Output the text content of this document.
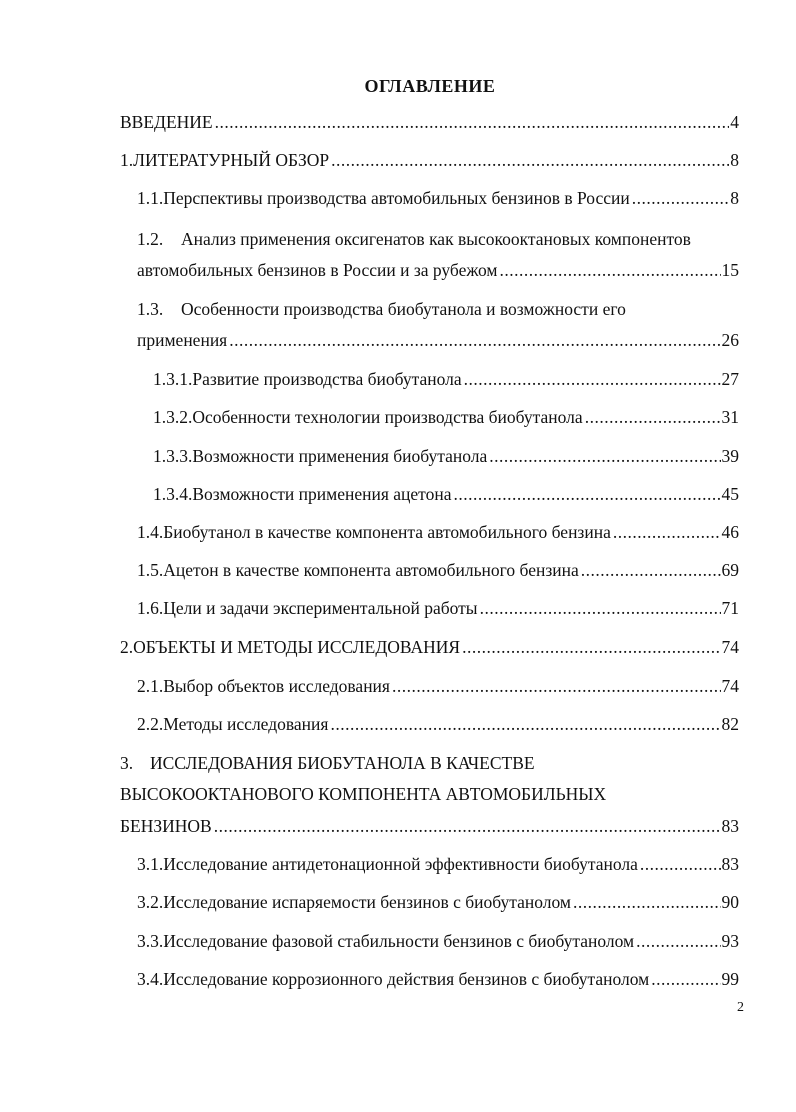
ОГЛАВЛЕНИЕ
ВВЕДЕНИЕ .....	4
1. ЛИТЕРАТУРНЫЙ ОБЗОР .....	8
1.1. Перспективы производства автомобильных бензинов в России .....	8
1.2. Анализ применения оксигенатов как высокооктановых компонентов
автомобильных бензинов в России и за рубежом .....	15
1.3. Особенности производства биобутанола и возможности его
применения .....	26
1.3.1. Развитие производства биобутанола .....	27
1.3.2. Особенности технологии производства биобутанола .....	31
1.3.3. Возможности применения биобутанола .....	39
1.3.4. Возможности применения ацетона .....	45
1.4. Биобутанол в качестве компонента автомобильного бензина .....	46
1.5. Ацетон в качестве компонента автомобильного бензина .....	69
1.6. Цели и задачи экспериментальной работы .....	71
2. ОБЪЕКТЫ И МЕТОДЫ ИССЛЕДОВАНИЯ .....	74
2.1. Выбор объектов исследования .....	74
2.2. Методы исследования .....	82
3. ИССЛЕДОВАНИЯ БИОБУТАНОЛА В КАЧЕСТВЕ
ВЫСОКООКТАНОВОГО КОМПОНЕНТА АВТОМОБИЛЬНЫХ
БЕНЗИНОВ .....	83
3.1. Исследование антидетонационной эффективности биобутанола .....	83
3.2. Исследование испаряемости бензинов с биобутанолом .....	90
3.3. Исследование фазовой стабильности бензинов с биобутанолом .....	93
3.4. Исследование коррозионного действия бензинов с биобутанолом .....	99
2
